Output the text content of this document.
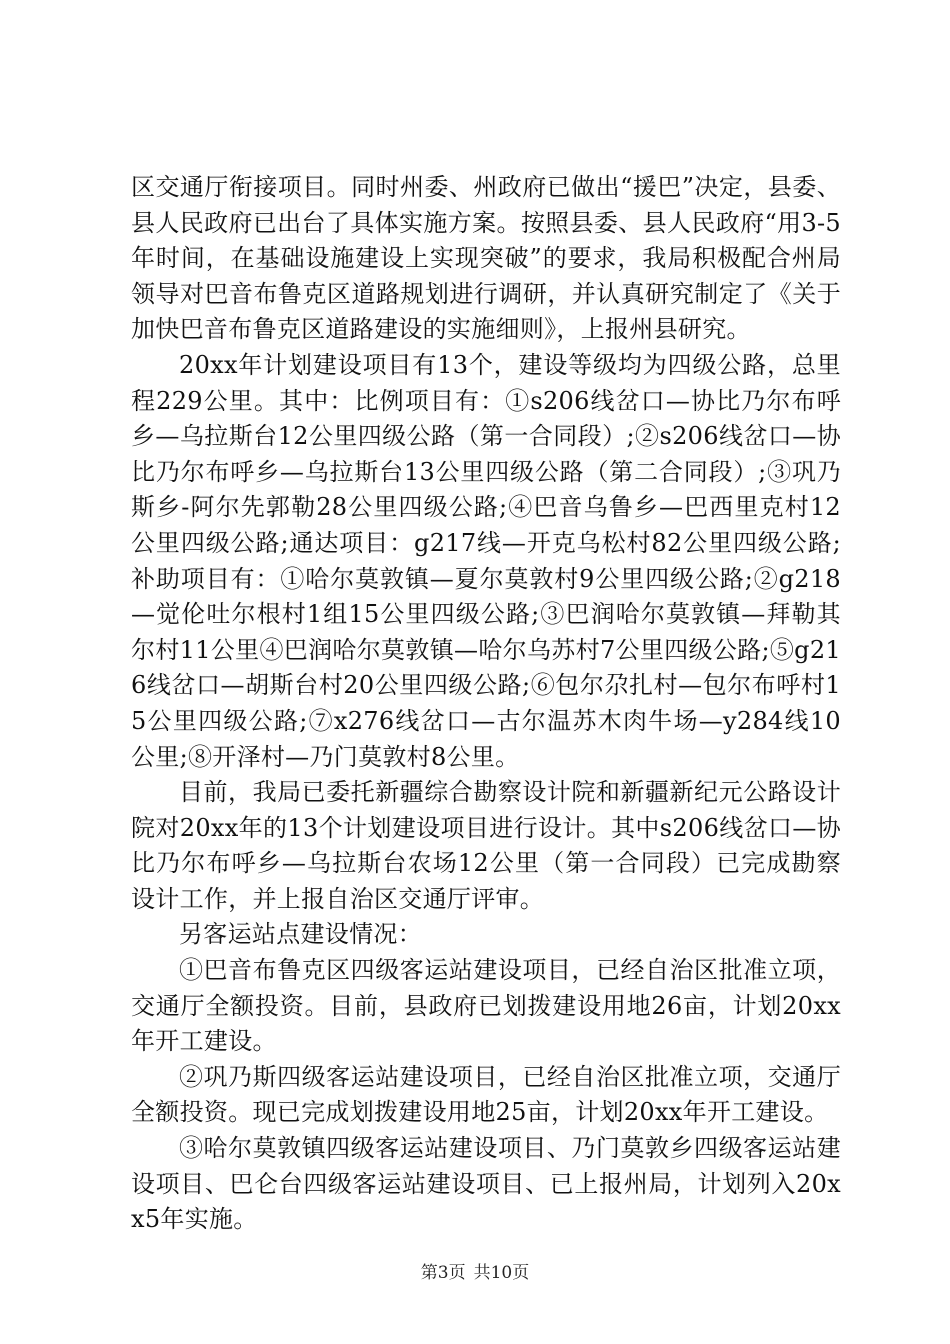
区交通厅衔接项目。同时州委、州政府已做出“援巴”决定，县委、县人民政府已出台了具体实施方案。按照县委、县人民政府“用3-5年时间，在基础设施建设上实现突破”的要求，我局积极配合州局领导对巴音布鲁克区道路规划进行调研，并认真研究制定了《关于加快巴音布鲁克区道路建设的实施细则》，上报州县研究。

20xx年计划建设项目有13个，建设等级均为四级公路，总里程229公里。其中：比例项目有：①s206线岔口—协比乃尔布呼乡—乌拉斯台12公里四级公路（第一合同段）;②s206线岔口—协比乃尔布呼乡—乌拉斯台13公里四级公路（第二合同段）;③巩乃斯乡-阿尔先郭勒28公里四级公路;④巴音乌鲁乡—巴西里克村12公里四级公路;通达项目：g217线—开克乌松村82公里四级公路;补助项目有：①哈尔莫敦镇—夏尔莫敦村9公里四级公路;②g218—觉伦吐尔根村1组15公里四级公路;③巴润哈尔莫敦镇—拜勒其尔村11公里④巴润哈尔莫敦镇—哈尔乌苏村7公里四级公路;⑤g216线岔口—胡斯台村20公里四级公路;⑥包尔尕扎村—包尔布呼村15公里四级公路;⑦x276线岔口—古尔温苏木肉牛场—y284线10公里;⑧开泽村—乃门莫敦村8公里。

目前，我局已委托新疆综合勘察设计院和新疆新纪元公路设计院对20xx年的13个计划建设项目进行设计。其中s206线岔口—协比乃尔布呼乡—乌拉斯台农场12公里（第一合同段）已完成勘察设计工作，并上报自治区交通厅评审。

另客运站点建设情况：

①巴音布鲁克区四级客运站建设项目，已经自治区批准立项，交通厅全额投资。目前，县政府已划拨建设用地26亩，计划20xx年开工建设。

②巩乃斯四级客运站建设项目，已经自治区批准立项，交通厅全额投资。现已完成划拨建设用地25亩，计划20xx年开工建设。

③哈尔莫敦镇四级客运站建设项目、乃门莫敦乡四级客运站建设项目、巴仑台四级客运站建设项目、已上报州局，计划列入20xx5年实施。

第3页 共10页
